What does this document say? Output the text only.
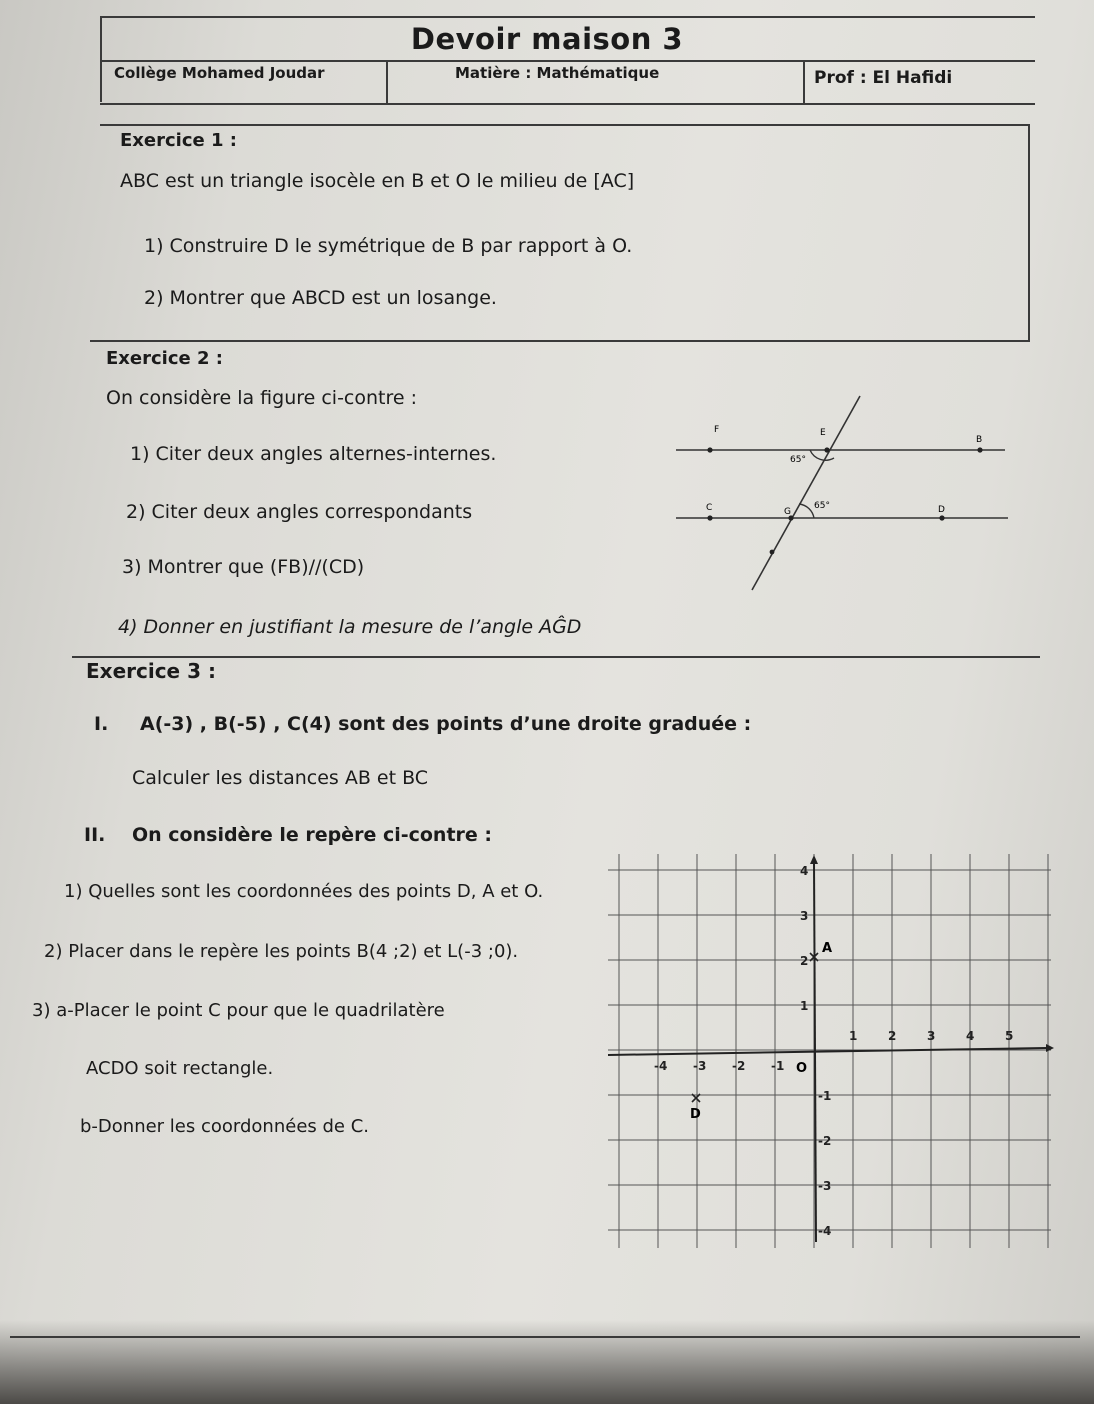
Devoir maison 3
Collège Mohamed Joudar	Matière : Mathématique	Prof : El Hafidi
Exercice 1 :
ABC est un triangle isocèle en B et O le milieu de [AC]
1) Construire D le symétrique de B par rapport à O.
2) Montrer que ABCD est un losange.
Exercice 2 :
On considère la figure ci-contre :
1) Citer deux angles alternes-internes.
2) Citer deux angles correspondants
3) Montrer que (FB)//(CD)
4) Donner en justifiant la mesure de l’angle AĜD
F	E
B
C	G	D
65°
65°
Exercice 3 :
I. A(-3) , B(-5) , C(4) sont des points d’une droite graduée :
Calculer les distances AB et BC
II. On considère le repère ci-contre :
1) Quelles sont les coordonnées des points D, A et O.
2) Placer dans le repère les points B(4 ;2) et L(-3 ;0).
3) a-Placer le point C pour que le quadrilatère
ACDO soit rectangle.
b-Donner les coordonnées de C.
-4 -3 -2 -1
1	2	3	4	5
4
3
2
1
-1
-2
-3
-4
O
A
D
